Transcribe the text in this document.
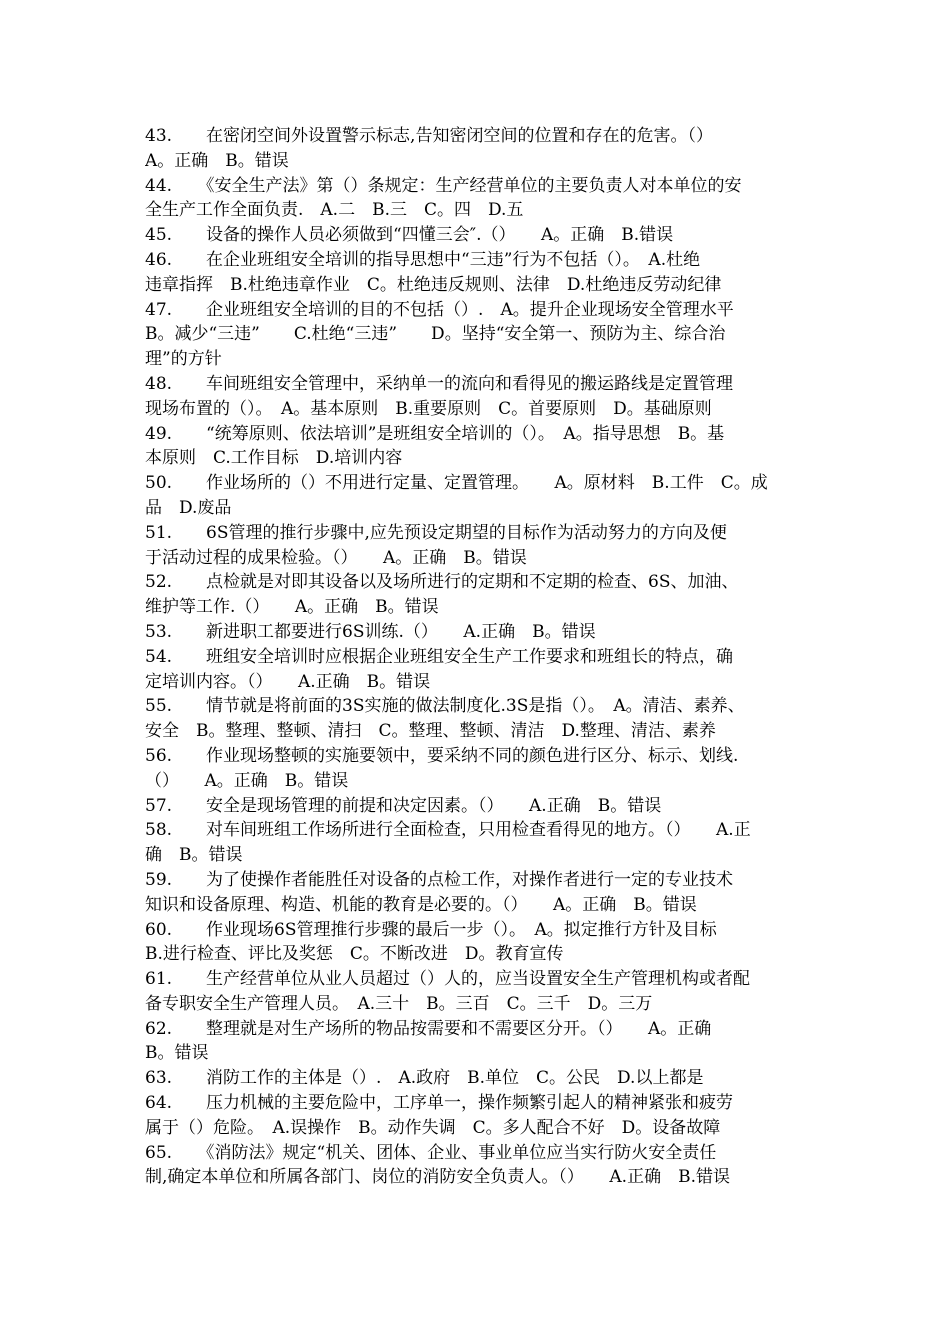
43.　　在密闭空间外设置警示标志,告知密闭空间的位置和存在的危害。（）
A。正确　B。错误
44.　　《安全生产法》第（）条规定：生产经营单位的主要负责人对本单位的安
全生产工作全面负责.　A.二　B.三　C。四　D.五
45.　　设备的操作人员必须做到“四懂三会″.（）　　A。正确　B.错误
46.　　在企业班组安全培训的指导思想中“三违”行为不包括（）。　A.杜绝
违章指挥　B.杜绝违章作业　C。杜绝违反规则、法律　D.杜绝违反劳动纪律
47.　　企业班组安全培训的目的不包括（）.　A。提升企业现场安全管理水平
B。减少“三违”　　C.杜绝“三违”　　D。坚持“安全第一、预防为主、综合治
理”的方针
48.　　车间班组安全管理中，采纳单一的流向和看得见的搬运路线是定置管理
现场布置的（）。　A。基本原则　B.重要原则　C。首要原则　D。基础原则
49.　　“统筹原则、依法培训”是班组安全培训的（）。　A。指导思想　B。基
本原则　C.工作目标　D.培训内容
50.　　作业场所的（）不用进行定量、定置管理。　　A。原材料　B.工件　C。成
品　D.废品
51.　　6S管理的推行步骤中,应先预设定期望的目标作为活动努力的方向及便
于活动过程的成果检验。（）　　A。正确　B。错误
52.　　点检就是对即其设备以及场所进行的定期和不定期的检查、6S、加油、
维护等工作.（）　　A。正确　B。错误
53.　　新进职工都要进行6S训练.（）　　A.正确　B。错误
54.　　班组安全培训时应根据企业班组安全生产工作要求和班组长的特点，确
定培训内容。（）　　A.正确　B。错误
55.　　情节就是将前面的3S实施的做法制度化.3S是指（）。　A。清洁、素养、
安全　B。整理、整顿、清扫　C。整理、整顿、清洁　D.整理、清洁、素养
56.　　作业现场整顿的实施要领中，要采纳不同的颜色进行区分、标示、划线.
（）　　A。正确　B。错误
57.　　安全是现场管理的前提和决定因素。（）　　A.正确　B。错误
58.　　对车间班组工作场所进行全面检查，只用检查看得见的地方。（）　　A.正
确　B。错误
59.　　为了使操作者能胜任对设备的点检工作，对操作者进行一定的专业技术
知识和设备原理、构造、机能的教育是必要的。（）　　A。正确　B。错误
60.　　作业现场6S管理推行步骤的最后一步（）。　A。拟定推行方针及目标
B.进行检查、评比及奖惩　C。不断改进　D。教育宣传
61.　　生产经营单位从业人员超过（）人的，应当设置安全生产管理机构或者配
备专职安全生产管理人员。　A.三十　B。三百　C。三千　D。三万
62.　　整理就是对生产场所的物品按需要和不需要区分开。（）　　A。正确
B。错误
63.　　消防工作的主体是（）.　A.政府　B.单位　C。公民　D.以上都是
64.　　压力机械的主要危险中，工序单一，操作频繁引起人的精神紧张和疲劳
属于（）危险。　A.误操作　B。动作失调　C。多人配合不好　D。设备故障
65.　　《消防法》规定“机关、团体、企业、事业单位应当实行防火安全责任
制,确定本单位和所属各部门、岗位的消防安全负责人。（）　　A.正确　B.错误
